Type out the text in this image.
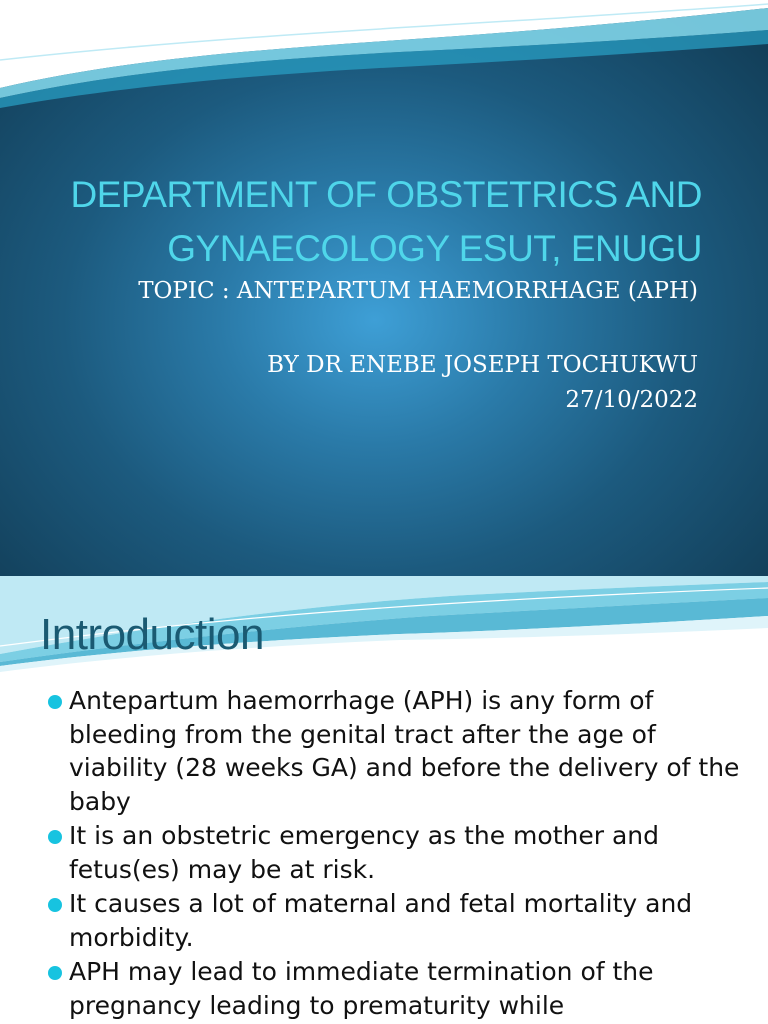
DEPARTMENT OF OBSTETRICS AND
GYNAECOLOGY ESUT, ENUGU
TOPIC : ANTEPARTUM HAEMORRHAGE (APH)
BY DR ENEBE JOSEPH TOCHUKWU
27/10/2022
Introduction
Antepartum haemorrhage (APH) is any form of bleeding from the genital tract after the age of viability (28 weeks GA) and before the delivery of the baby
It is an obstetric emergency as the mother and fetus(es) may be at risk.
It causes a lot of maternal and fetal mortality and morbidity.
APH may lead to immediate termination of the pregnancy leading to prematurity while
